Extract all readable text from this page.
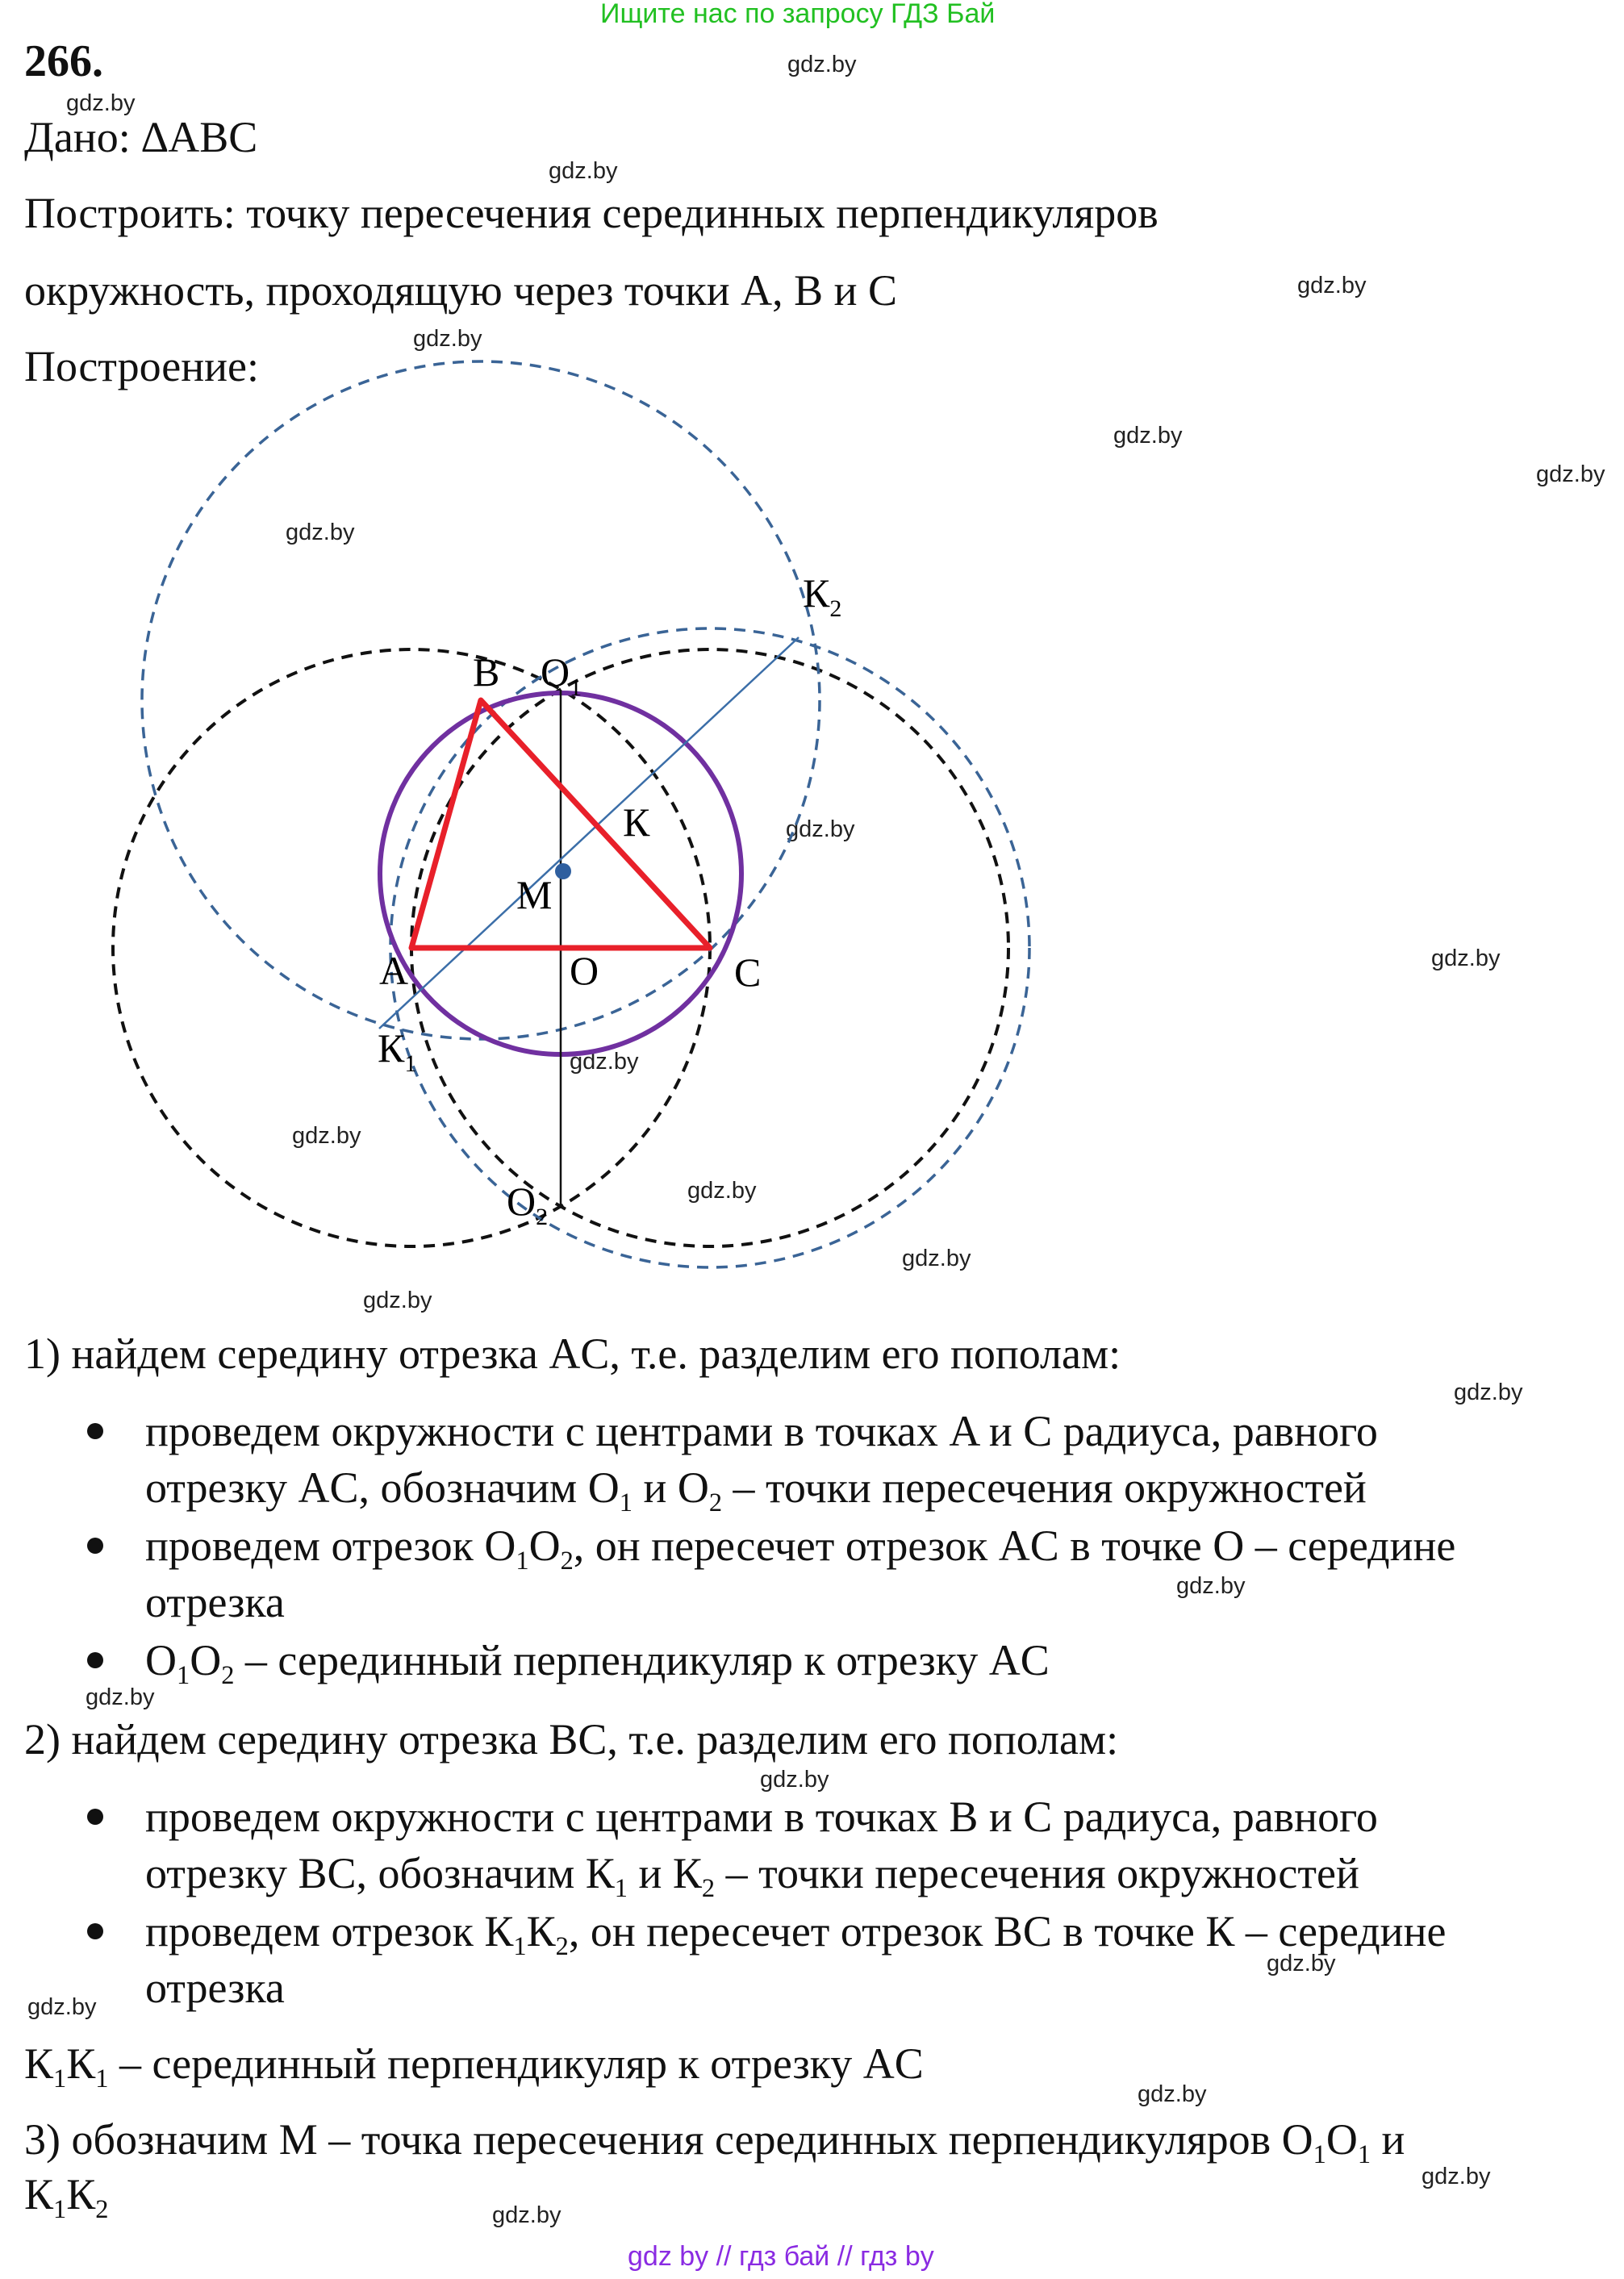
Ищите нас по запросу ГДЗ Бай
gdz.by
gdz.by
gdz.by
gdz.by
gdz.by
gdz.by
gdz.by
gdz.by
gdz.by
gdz.by
gdz.by
gdz.by
gdz.by
gdz.by
gdz.by
gdz.by
gdz.by
gdz.by
gdz.by
gdz.by
gdz.by
gdz.by
gdz.by
gdz.by
266.
Дано: ∆ABC
Построить: точку пересечения серединных перпендикуляров
окружность, проходящую через точки A, B и C
Построение:
B $O_1$
$К_2$
К
M
A	O	C
$К_1$
$O_2$
1) найдем середину отрезка AC, т.е. разделим его пополам:
проведем окружности с центрами в точках A и C радиуса, равного
отрезку AC, обозначим $O_1$ и $O_2$ – точки пересечения окружностей
проведем отрезок $O_1O_2$, он пересечет отрезок AC в точке O – середине
отрезка
$O_1O_2$ – серединный перпендикуляр к отрезку AC
2) найдем середину отрезка BC, т.е. разделим его пополам:
проведем окружности с центрами в точках B и C радиуса, равного
отрезку BC, обозначим $К_1$ и $К_2$ – точки пересечения окружностей
проведем отрезок $К_1К_2$, он пересечет отрезок BC в точке К – середине
отрезка
$К_1К_1$ – серединный перпендикуляр к отрезку AC
3) обозначим M – точка пересечения серединных перпендикуляров $O_1O_1$ и
$К_1К_2$
gdz by // гдз бай // гдз by
